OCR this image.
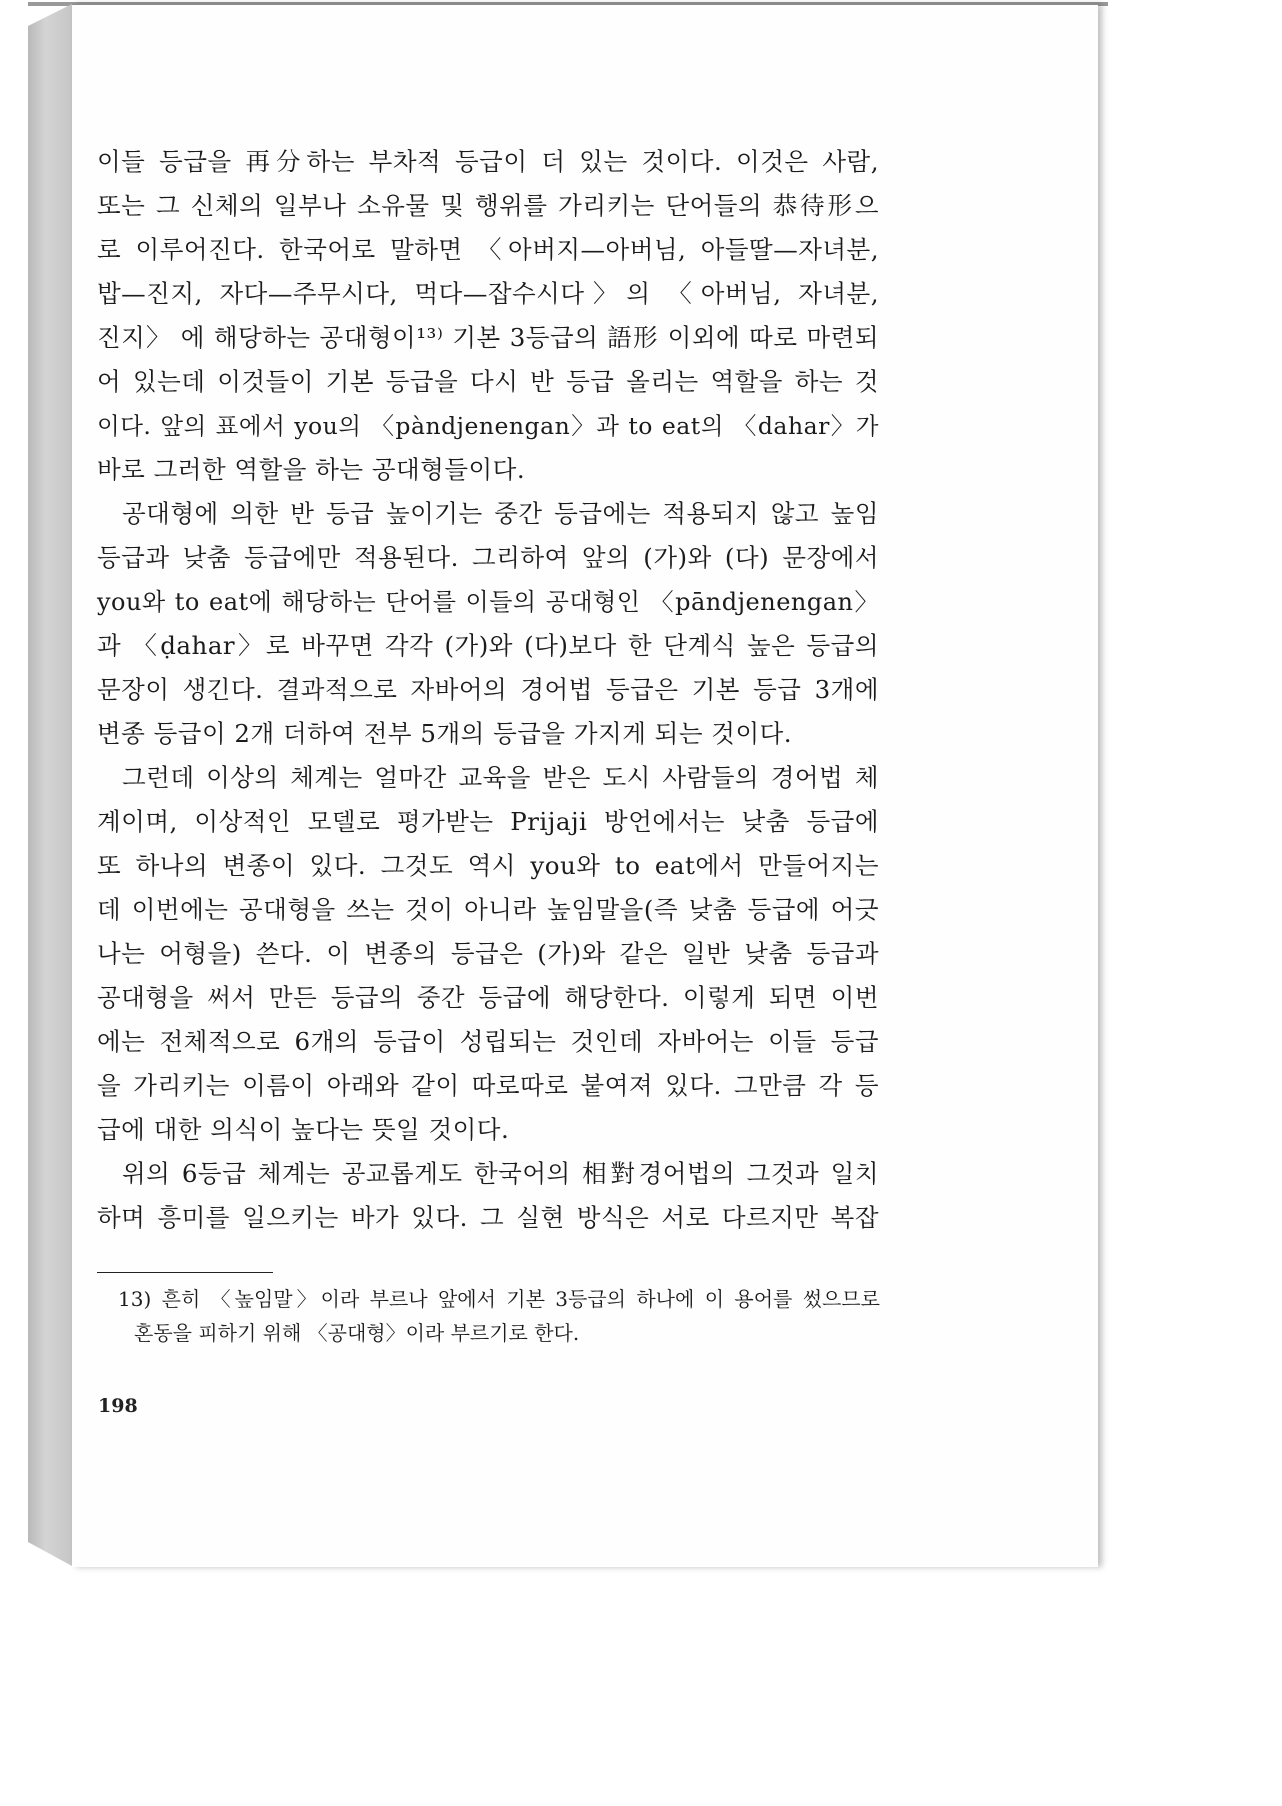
이들 등급을 再分하는 부차적 등급이 더 있는 것이다. 이것은 사람,
또는 그 신체의 일부나 소유물 및 행위를 가리키는 단어들의 恭待形으
로 이루어진다. 한국어로 말하면 〈아버지—아버님, 아들딸—자녀분,
밥—진지, 자다—주무시다, 먹다—잡수시다〉의 〈아버님, 자녀분,
진지〉 에 해당하는 공대형이¹³⁾ 기본 3등급의 語形 이외에 따로 마련되
어 있는데 이것들이 기본 등급을 다시 반 등급 올리는 역할을 하는 것
이다. 앞의 표에서 you의 〈pàndjenengan〉과 to eat의 〈dahar〉가
바로 그러한 역할을 하는 공대형들이다.
공대형에 의한 반 등급 높이기는 중간 등급에는 적용되지 않고 높임
등급과 낮춤 등급에만 적용된다. 그리하여 앞의 (가)와 (다) 문장에서
you와 to eat에 해당하는 단어를 이들의 공대형인 〈pāndjenengan〉
과 〈ḍahar〉로 바꾸면 각각 (가)와 (다)보다 한 단계식 높은 등급의
문장이 생긴다. 결과적으로 자바어의 경어법 등급은 기본 등급 3개에
변종 등급이 2개 더하여 전부 5개의 등급을 가지게 되는 것이다.
그런데 이상의 체계는 얼마간 교육을 받은 도시 사람들의 경어법 체
계이며, 이상적인 모델로 평가받는 Prijaji 방언에서는 낮춤 등급에
또 하나의 변종이 있다. 그것도 역시 you와 to eat에서 만들어지는
데 이번에는 공대형을 쓰는 것이 아니라 높임말을(즉 낮춤 등급에 어긋
나는 어형을) 쓴다. 이 변종의 등급은 (가)와 같은 일반 낮춤 등급과
공대형을 써서 만든 등급의 중간 등급에 해당한다. 이렇게 되면 이번
에는 전체적으로 6개의 등급이 성립되는 것인데 자바어는 이들 등급
을 가리키는 이름이 아래와 같이 따로따로 붙여져 있다. 그만큼 각 등
급에 대한 의식이 높다는 뜻일 것이다.
위의 6등급 체계는 공교롭게도 한국어의 相對경어법의 그것과 일치
하며 흥미를 일으키는 바가 있다. 그 실현 방식은 서로 다르지만 복잡
13) 흔히 〈높임말〉이라 부르나 앞에서 기본 3등급의 하나에 이 용어를 썼으므로
혼동을 피하기 위해 〈공대형〉이라 부르기로 한다.
198
